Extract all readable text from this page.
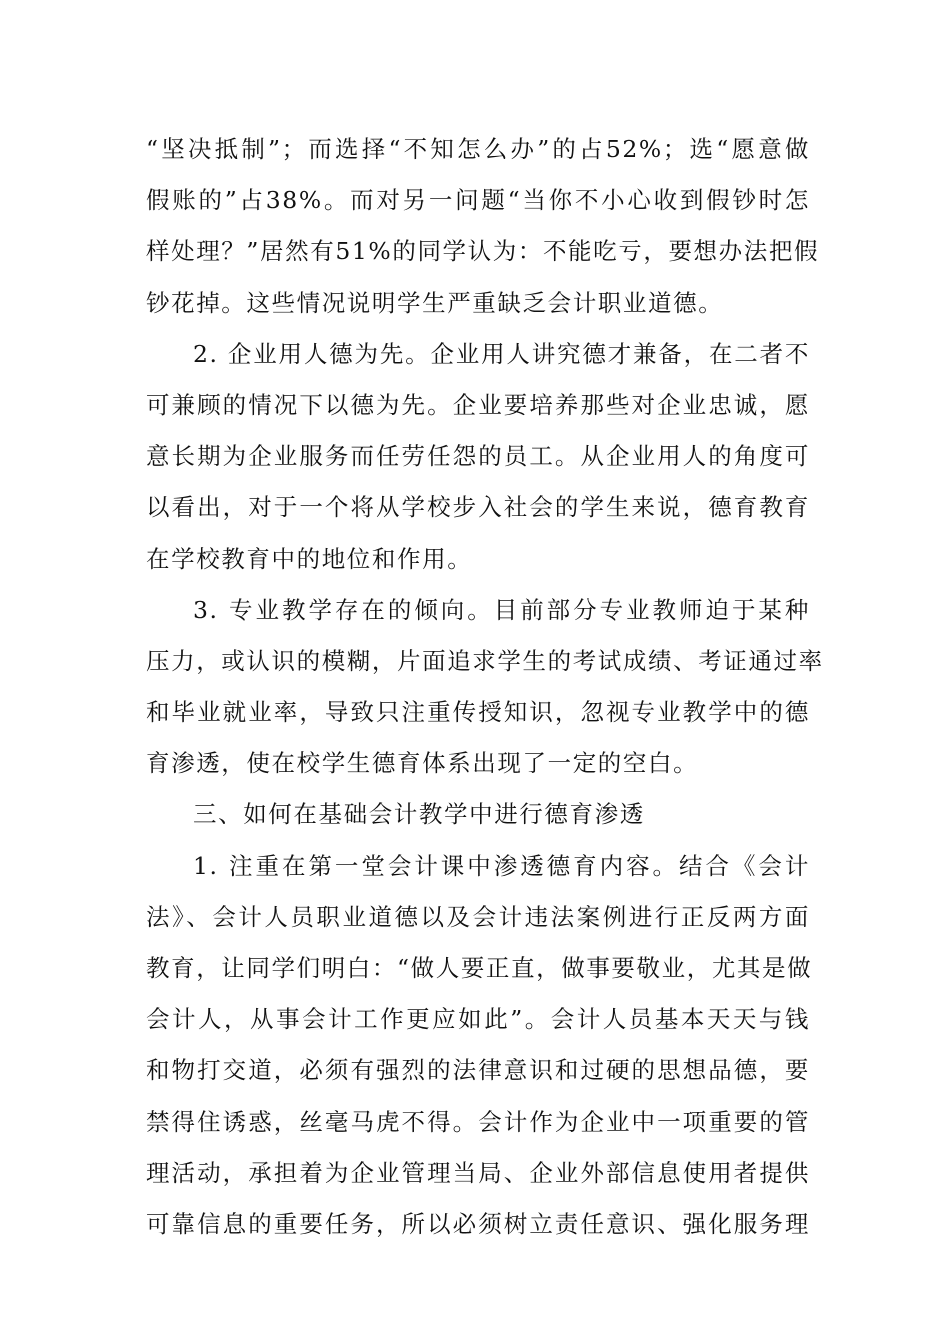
“坚决抵制”；而选择“不知怎么办”的占52%；选“愿意做
假账的”占38%。而对另一问题“当你不小心收到假钞时怎
样处理？”居然有51%的同学认为：不能吃亏，要想办法把假
钞花掉。这些情况说明学生严重缺乏会计职业道德。
2. 企业用人德为先。企业用人讲究德才兼备，在二者不
可兼顾的情况下以德为先。企业要培养那些对企业忠诚，愿
意长期为企业服务而任劳任怨的员工。从企业用人的角度可
以看出，对于一个将从学校步入社会的学生来说，德育教育
在学校教育中的地位和作用。
3. 专业教学存在的倾向。目前部分专业教师迫于某种
压力，或认识的模糊，片面追求学生的考试成绩、考证通过率
和毕业就业率，导致只注重传授知识，忽视专业教学中的德
育渗透，使在校学生德育体系出现了一定的空白。
三、如何在基础会计教学中进行德育渗透
1. 注重在第一堂会计课中渗透德育内容。结合《会计
法》、会计人员职业道德以及会计违法案例进行正反两方面
教育，让同学们明白：“做人要正直，做事要敬业，尤其是做
会计人，从事会计工作更应如此”。会计人员基本天天与钱
和物打交道，必须有强烈的法律意识和过硬的思想品德，要
禁得住诱惑，丝毫马虎不得。会计作为企业中一项重要的管
理活动，承担着为企业管理当局、企业外部信息使用者提供
可靠信息的重要任务，所以必须树立责任意识、强化服务理
